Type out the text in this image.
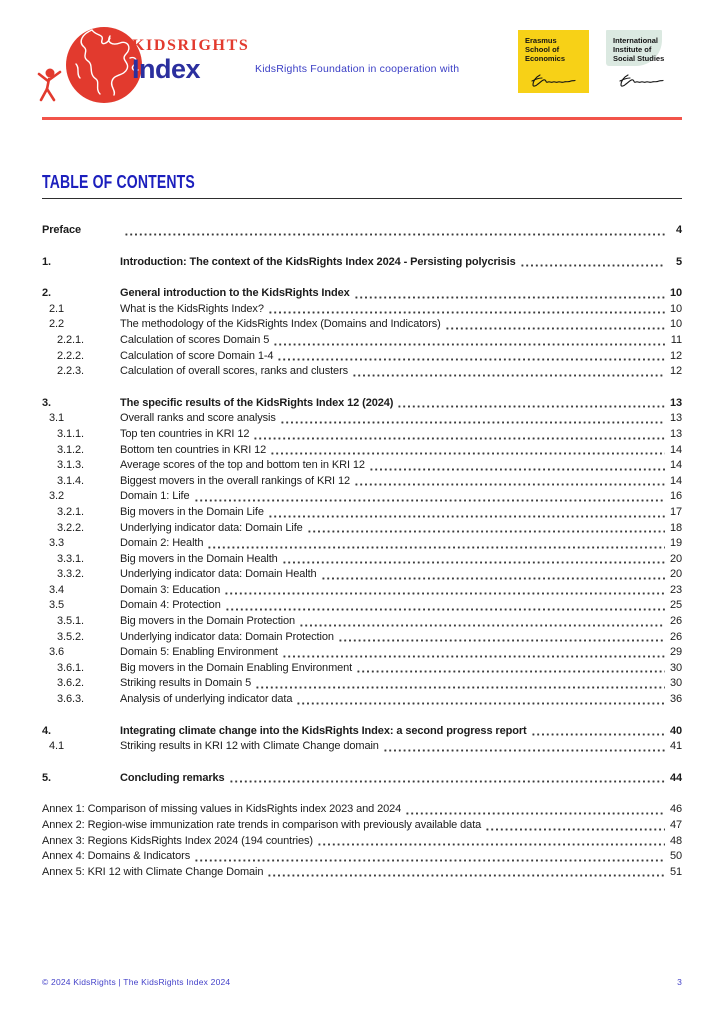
KIDSRIGHTS
Index	KidsRights Foundation in cooperation with
Erasmus
School of
Economics
International
Institute of
Social Studies
TABLE OF CONTENTS
Preface	4
1.	Introduction: The context of the KidsRights Index 2024 - Persisting polycrisis	5
2.	General introduction to the KidsRights Index	10
2.1	What is the KidsRights Index?	10
2.2	The methodology of the KidsRights Index (Domains and Indicators)	10
2.2.1.	Calculation of scores Domain 5	11
2.2.2.	Calculation of score Domain 1-4	12
2.2.3.	Calculation of overall scores, ranks and clusters	12
3.	The specific results of the KidsRights Index 12 (2024)	13
3.1	Overall ranks and score analysis	13
3.1.1.	Top ten countries in KRI 12	13
3.1.2.	Bottom ten countries in KRI 12	14
3.1.3.	Average scores of the top and bottom ten in KRI 12	14
3.1.4.	Biggest movers in the overall rankings of KRI 12	14
3.2	Domain 1: Life	16
3.2.1.	Big movers in the Domain Life	17
3.2.2.	Underlying indicator data: Domain Life	18
3.3	Domain 2: Health	19
3.3.1.	Big movers in the Domain Health	20
3.3.2.	Underlying indicator data: Domain Health	20
3.4	Domain 3: Education	23
3.5	Domain 4: Protection	25
3.5.1.	Big movers in the Domain Protection	26
3.5.2.	Underlying indicator data: Domain Protection	26
3.6	Domain 5: Enabling Environment	29
3.6.1.	Big movers in the Domain Enabling Environment	30
3.6.2.	Striking results in Domain 5	30
3.6.3.	Analysis of underlying indicator data	36
4.	Integrating climate change into the KidsRights Index: a second progress report	40
4.1	Striking results in KRI 12 with Climate Change domain	41
5.	Concluding remarks	44
Annex 1: Comparison of missing values in KidsRights index 2023 and 2024	46
Annex 2: Region-wise immunization rate trends in comparison with previously available data	47
Annex 3: Regions KidsRights Index 2024 (194 countries)	48
Annex 4: Domains & Indicators	50
Annex 5: KRI 12 with Climate Change Domain	51
© 2024 KidsRights | The KidsRights Index 2024	3
